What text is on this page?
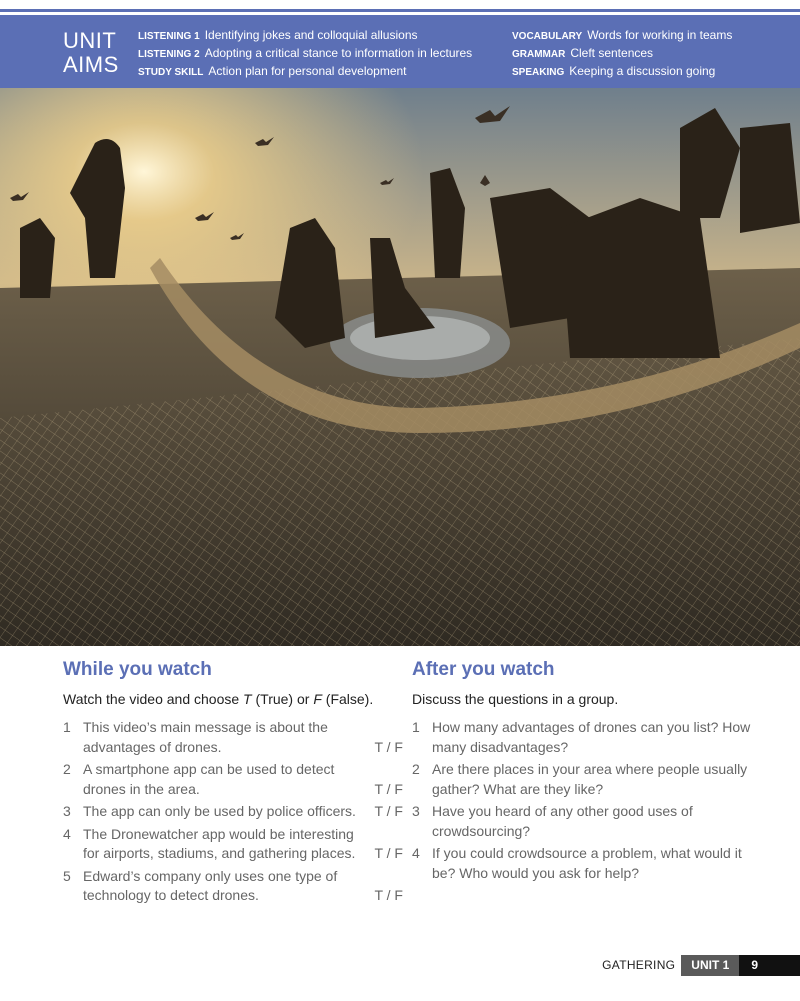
UNIT
AIMS
LISTENING 1 Identifying jokes and colloquial allusions
LISTENING 2 Adopting a critical stance to information in lectures
STUDY SKILL Action plan for personal development
VOCABULARY Words for working in teams
GRAMMAR Cleft sentences
SPEAKING Keeping a discussion going
While you watch
Watch the video and choose T (True) or F (False).
1 This video’s main message is about the advantages of drones.	T / F
2 A smartphone app can be used to detect drones in the area.	T / F
3 The app can only be used by police officers.	T / F
4 The Dronewatcher app would be interesting for airports, stadiums, and gathering places.	T / F
5 Edward’s company only uses one type of technology to detect drones.	T / F
After you watch
Discuss the questions in a group.
1 How many advantages of drones can you list? How many disadvantages?
2 Are there places in your area where people usually gather? What are they like?
3 Have you heard of any other good uses of crowdsourcing?
4 If you could crowdsource a problem, what would it be? Who would you ask for help?
GATHERING	UNIT 1	9
